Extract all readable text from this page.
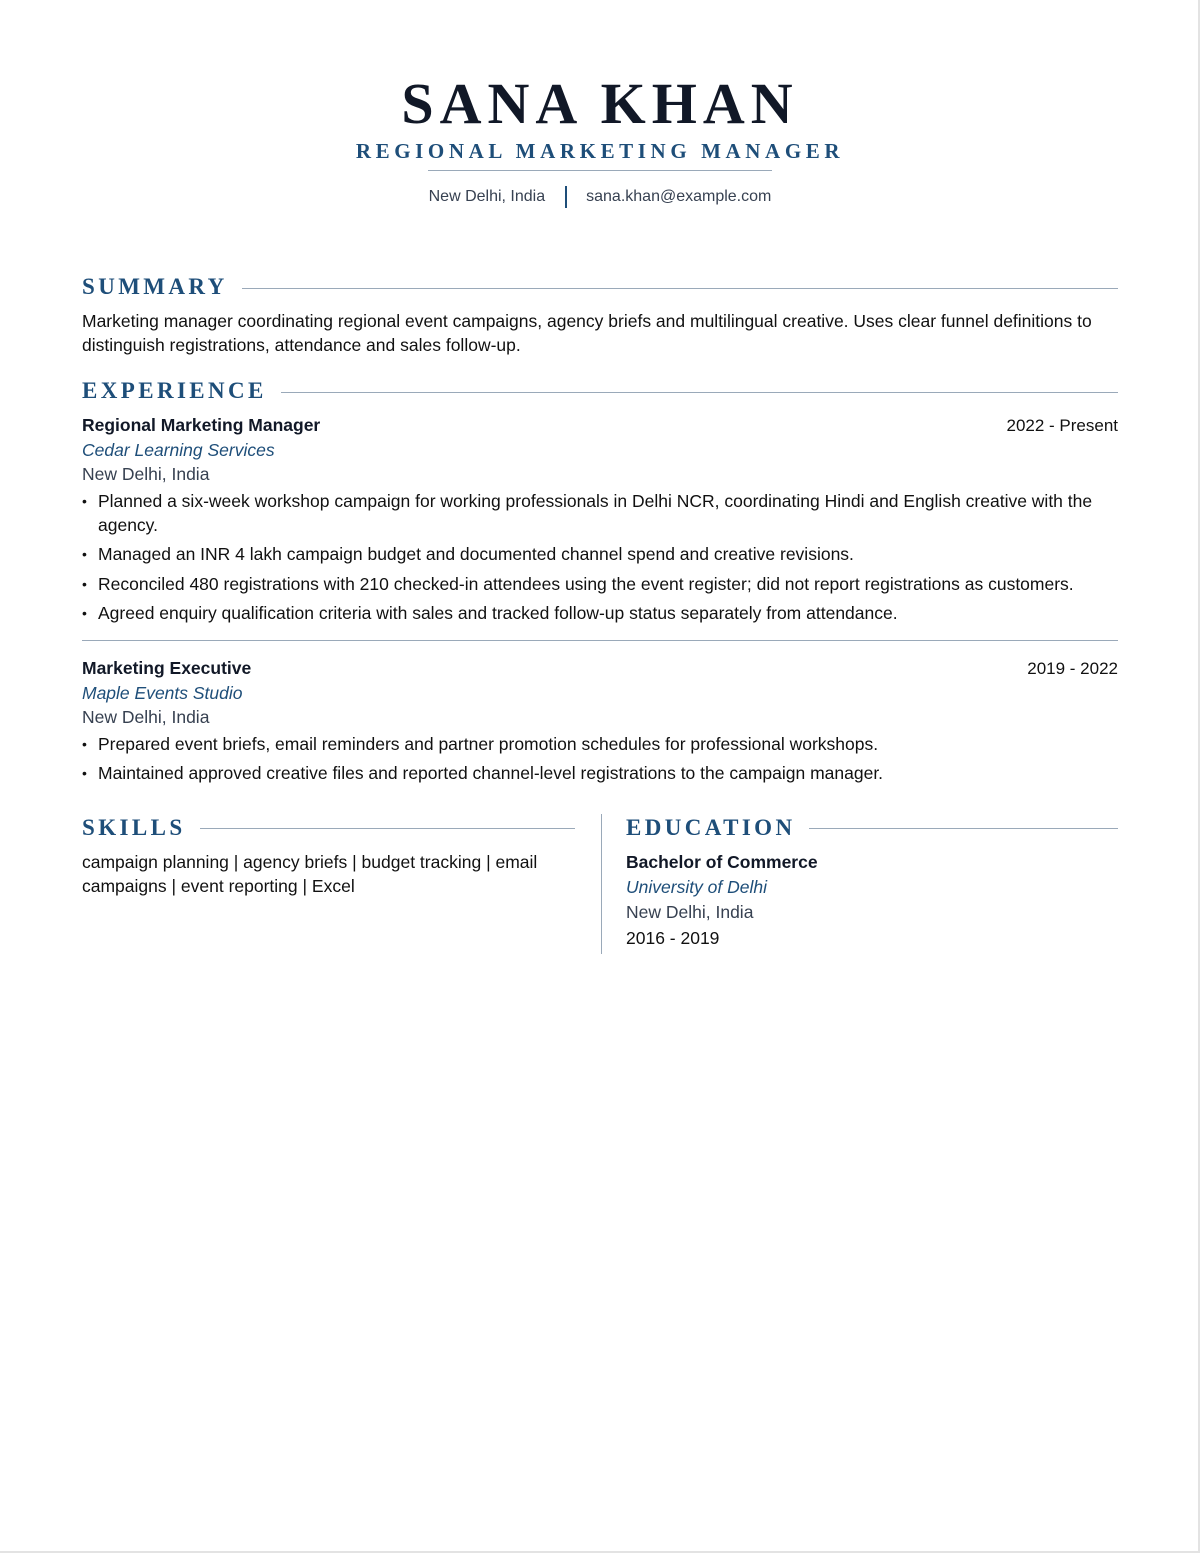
SANA KHAN
REGIONAL MARKETING MANAGER
New Delhi, India	sana.khan@example.com
SUMMARY
Marketing manager coordinating regional event campaigns, agency briefs and multilingual creative. Uses clear funnel definitions to distinguish registrations, attendance and sales follow-up.
EXPERIENCE
Regional Marketing Manager	2022 - Present
Cedar Learning Services
New Delhi, India
• Planned a six-week workshop campaign for working professionals in Delhi NCR, coordinating Hindi and English creative with the agency.
• Managed an INR 4 lakh campaign budget and documented channel spend and creative revisions.
• Reconciled 480 registrations with 210 checked-in attendees using the event register; did not report registrations as customers.
• Agreed enquiry qualification criteria with sales and tracked follow-up status separately from attendance.
Marketing Executive	2019 - 2022
Maple Events Studio
New Delhi, India
• Prepared event briefs, email reminders and partner promotion schedules for professional workshops.
• Maintained approved creative files and reported channel-level registrations to the campaign manager.
SKILLS
campaign planning | agency briefs | budget tracking | email campaigns | event reporting | Excel
EDUCATION
Bachelor of Commerce
University of Delhi
New Delhi, India
2016 - 2019
